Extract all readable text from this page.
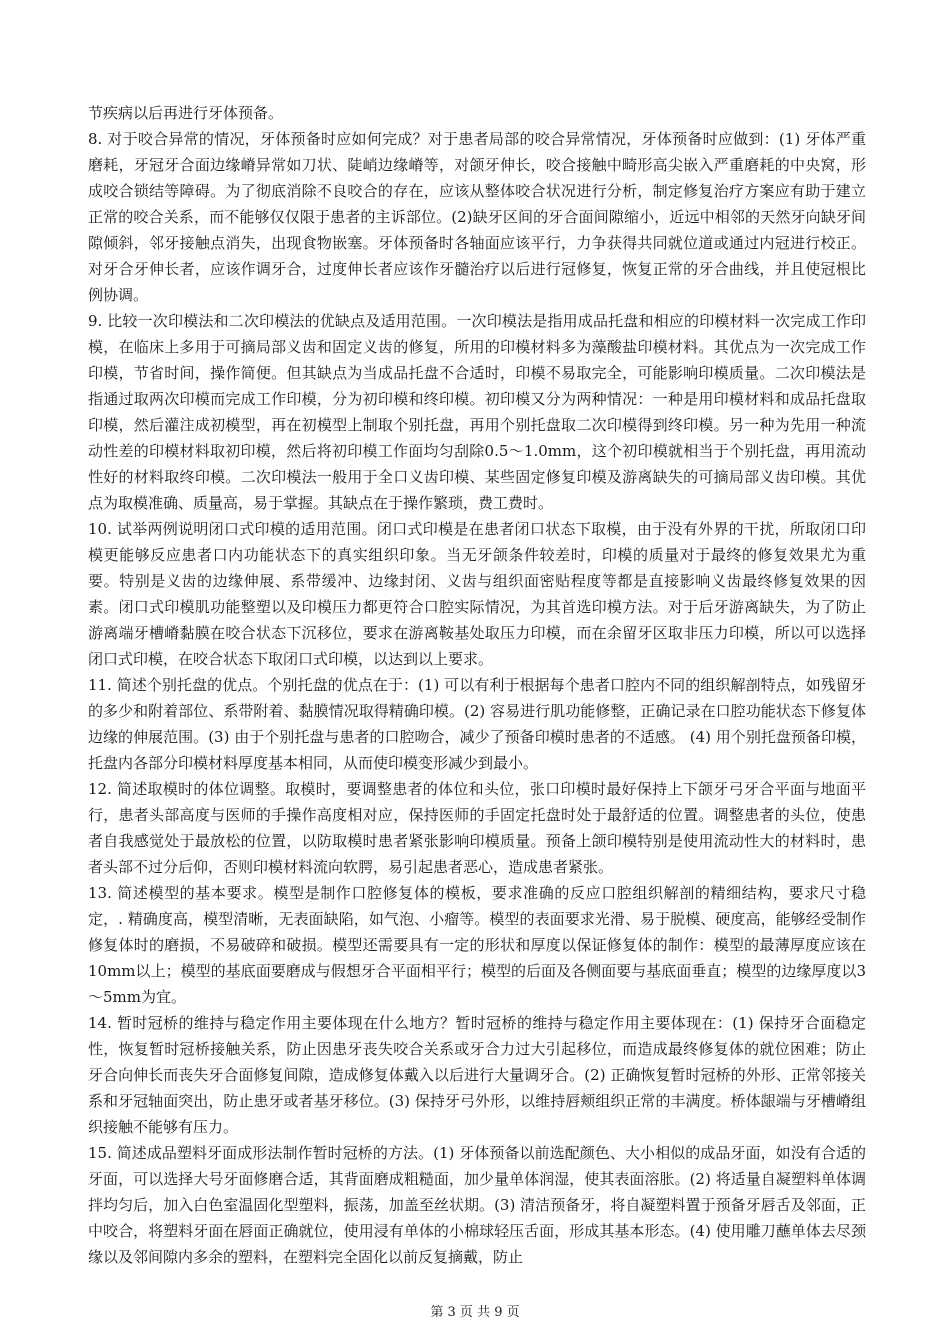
节疾病以后再进行牙体预备。

8. 对于咬合异常的情况，牙体预备时应如何完成？对于患者局部的咬合异常情况，牙体预备时应做到：(1) 牙体严重磨耗，牙冠牙合面边缘嵴异常如刀状、陡峭边缘嵴等，对颌牙伸长，咬合接触中畸形高尖嵌入严重磨耗的中央窝，形成咬合锁结等障碍。为了彻底消除不良咬合的存在，应该从整体咬合状况进行分析，制定修复治疗方案应有助于建立正常的咬合关系，而不能够仅仅限于患者的主诉部位。(2)缺牙区间的牙合面间隙缩小，近远中相邻的天然牙向缺牙间隙倾斜，邻牙接触点消失，出现食物嵌塞。牙体预备时各轴面应该平行，力争获得共同就位道或通过内冠进行校正。对牙合牙伸长者，应该作调牙合，过度伸长者应该作牙髓治疗以后进行冠修复，恢复正常的牙合曲线，并且使冠根比例协调。

9. 比较一次印模法和二次印模法的优缺点及适用范围。一次印模法是指用成品托盘和相应的印模材料一次完成工作印模，在临床上多用于可摘局部义齿和固定义齿的修复，所用的印模材料多为藻酸盐印模材料。其优点为一次完成工作印模，节省时间，操作简便。但其缺点为当成品托盘不合适时，印模不易取完全，可能影响印模质量。二次印模法是指通过取两次印模而完成工作印模，分为初印模和终印模。初印模又分为两种情况：一种是用印模材料和成品托盘取印模，然后灌注成初模型，再在初模型上制取个别托盘，再用个别托盘取二次印模得到终印模。另一种为先用一种流动性差的印模材料取初印模，然后将初印模工作面均匀刮除0.5～1.0mm，这个初印模就相当于个别托盘，再用流动性好的材料取终印模。二次印模法一般用于全口义齿印模、某些固定修复印模及游离缺失的可摘局部义齿印模。其优点为取模准确、质量高，易于掌握。其缺点在于操作繁琐，费工费时。

10. 试举两例说明闭口式印模的适用范围。闭口式印模是在患者闭口状态下取模，由于没有外界的干扰，所取闭口印模更能够反应患者口内功能状态下的真实组织印象。当无牙颌条件较差时，印模的质量对于最终的修复效果尤为重要。特别是义齿的边缘伸展、系带缓冲、边缘封闭、义齿与组织面密贴程度等都是直接影响义齿最终修复效果的因素。闭口式印模肌功能整塑以及印模压力都更符合口腔实际情况，为其首选印模方法。对于后牙游离缺失，为了防止游离端牙槽嵴黏膜在咬合状态下沉移位，要求在游离鞍基处取压力印模，而在余留牙区取非压力印模，所以可以选择闭口式印模，在咬合状态下取闭口式印模，以达到以上要求。

11. 简述个别托盘的优点。个别托盘的优点在于：(1) 可以有利于根据每个患者口腔内不同的组织解剖特点，如残留牙的多少和附着部位、系带附着、黏膜情况取得精确印模。(2) 容易进行肌功能修整，正确记录在口腔功能状态下修复体边缘的伸展范围。(3) 由于个别托盘与患者的口腔吻合，减少了预备印模时患者的不适感。 (4) 用个别托盘预备印模，托盘内各部分印模材料厚度基本相同，从而使印模变形减少到最小。

12. 简述取模时的体位调整。取模时，要调整患者的体位和头位，张口印模时最好保持上下颌牙弓牙合平面与地面平行，患者头部高度与医师的手操作高度相对应，保持医师的手固定托盘时处于最舒适的位置。调整患者的头位，使患者自我感觉处于最放松的位置，以防取模时患者紧张影响印模质量。预备上颌印模特别是使用流动性大的材料时，患者头部不过分后仰，否则印模材料流向软腭，易引起患者恶心，造成患者紧张。

13. 简述模型的基本要求。模型是制作口腔修复体的模板，要求准确的反应口腔组织解剖的精细结构，要求尺寸稳定，. 精确度高，模型清晰，无表面缺陷，如气泡、小瘤等。模型的表面要求光滑、易于脱模、硬度高，能够经受制作修复体时的磨损，不易破碎和破损。模型还需要具有一定的形状和厚度以保证修复体的制作：模型的最薄厚度应该在10mm以上；模型的基底面要磨成与假想牙合平面相平行；模型的后面及各侧面要与基底面垂直；模型的边缘厚度以3～5mm为宜。

14. 暂时冠桥的维持与稳定作用主要体现在什么地方？暂时冠桥的维持与稳定作用主要体现在：(1) 保持牙合面稳定性，恢复暂时冠桥接触关系，防止因患牙丧失咬合关系或牙合力过大引起移位，而造成最终修复体的就位困难；防止牙合向伸长而丧失牙合面修复间隙，造成修复体戴入以后进行大量调牙合。(2) 正确恢复暂时冠桥的外形、正常邻接关系和牙冠轴面突出，防止患牙或者基牙移位。(3) 保持牙弓外形，以维持唇颊组织正常的丰满度。桥体龈端与牙槽嵴组织接触不能够有压力。

15. 简述成品塑料牙面成形法制作暂时冠桥的方法。(1) 牙体预备以前选配颜色、大小相似的成品牙面，如没有合适的牙面，可以选择大号牙面修磨合适，其背面磨成粗糙面，加少量单体润湿，使其表面溶胀。(2) 将适量自凝塑料单体调拌均匀后，加入白色室温固化型塑料，振荡，加盖至丝状期。(3) 清洁预备牙，将自凝塑料置于预备牙唇舌及邻面，正中咬合，将塑料牙面在唇面正确就位，使用浸有单体的小棉球轻压舌面，形成其基本形态。(4) 使用雕刀蘸单体去尽颈缘以及邻间隙内多余的塑料，在塑料完全固化以前反复摘戴，防止

第 3 页 共 9 页
